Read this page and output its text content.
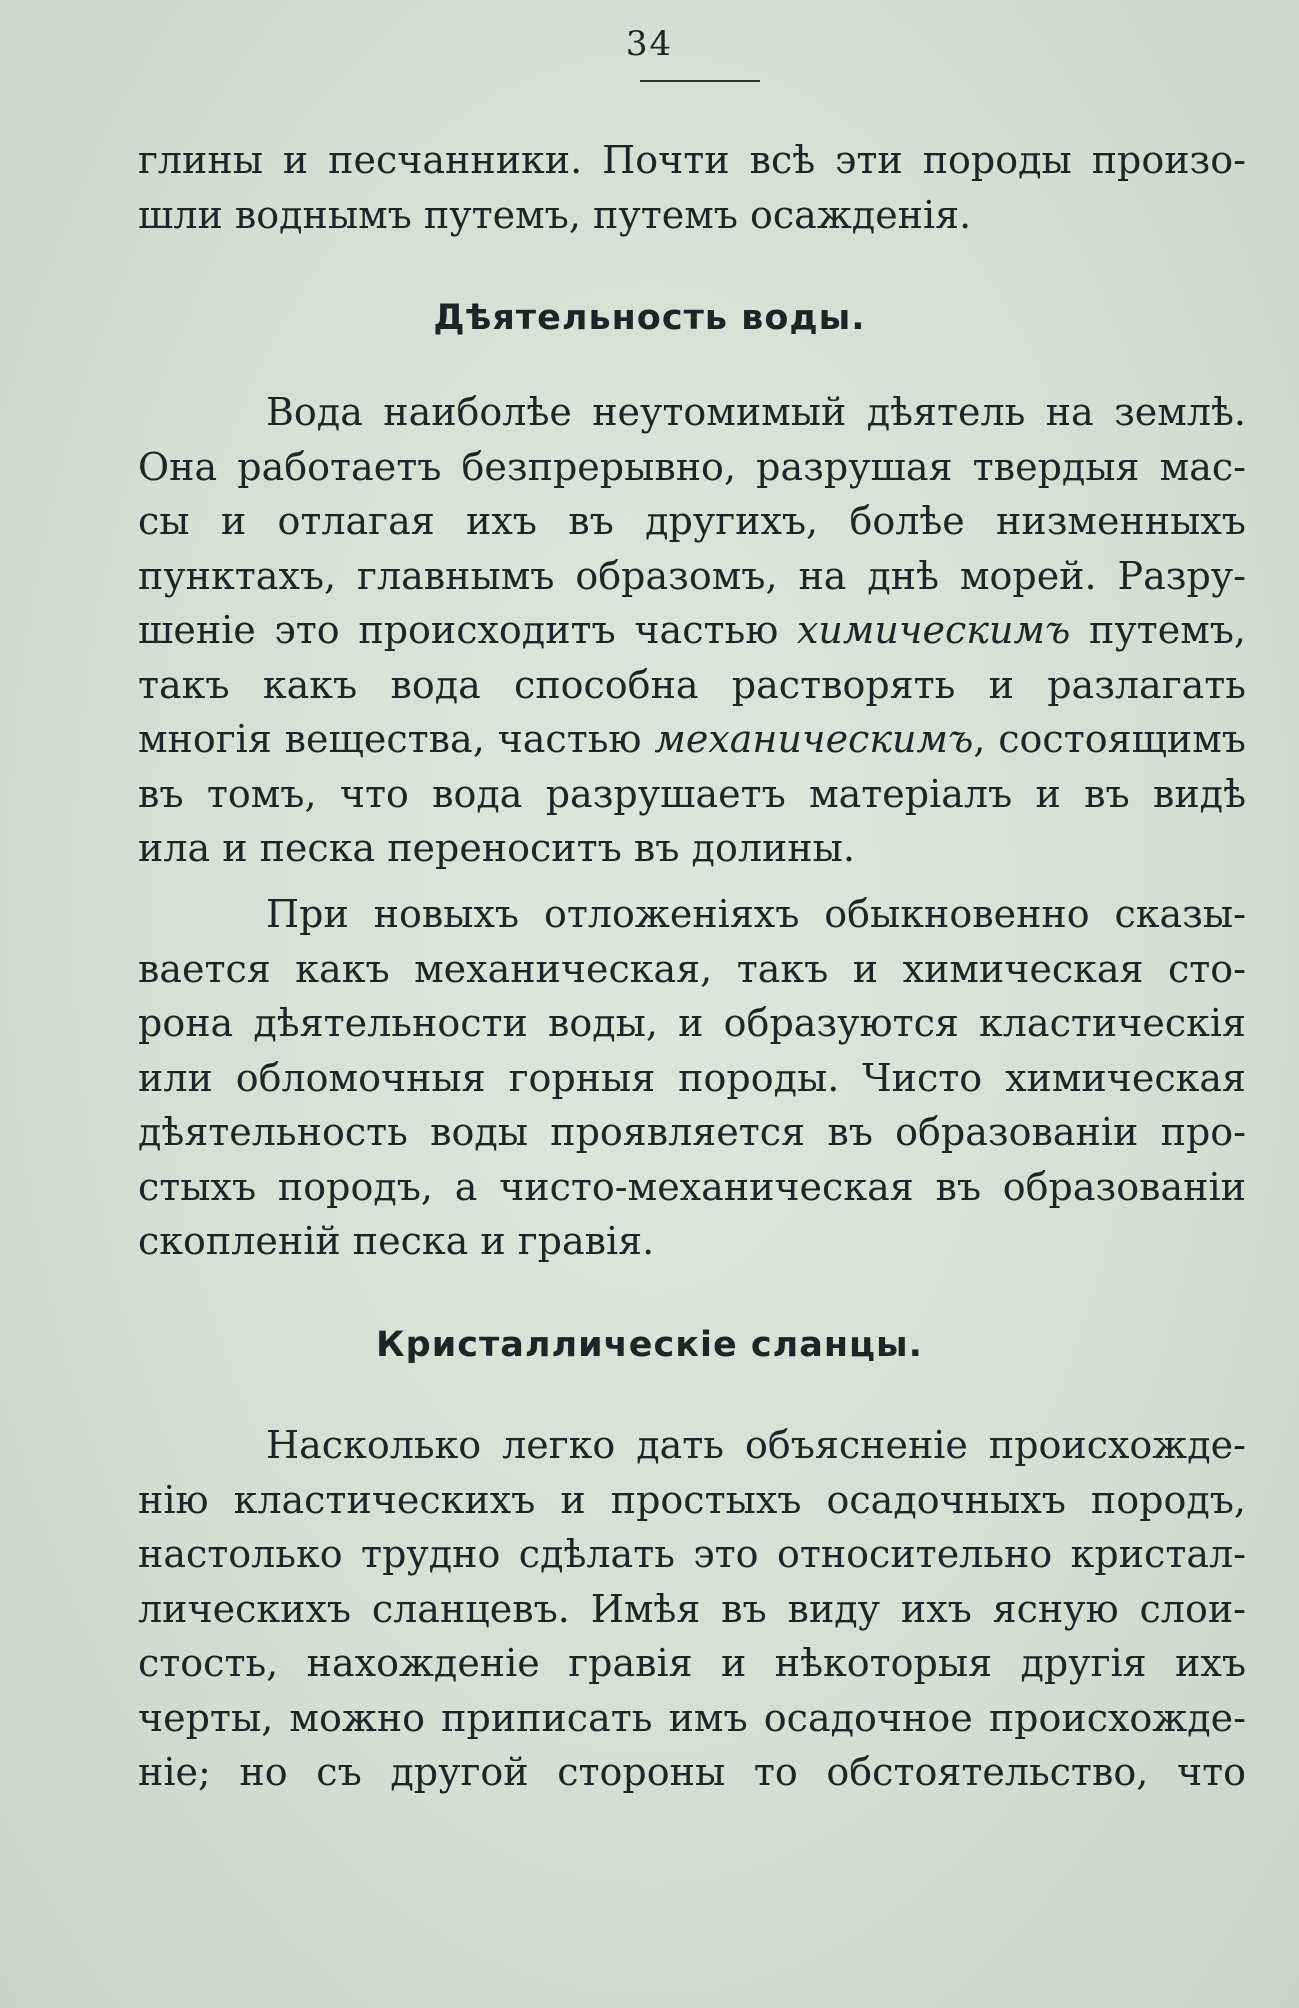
34
глины и песчанники. Почти всѣ эти породы произо-
шли воднымъ путемъ, путемъ осажденія.
Дѣятельность воды.
Вода наиболѣе неутомимый дѣятель на землѣ.
Она работаетъ безпрерывно, разрушая твердыя мас-
сы и отлагая ихъ въ другихъ, болѣе низменныхъ
пунктахъ, главнымъ образомъ, на днѣ морей. Разру-
шеніе это происходитъ частью химическимъ путемъ,
такъ какъ вода способна растворять и разлагать
многія вещества, частью механическимъ, состоящимъ
въ томъ, что вода разрушаетъ матеріалъ и въ видѣ
ила и песка переноситъ въ долины.
При новыхъ отложеніяхъ обыкновенно сказы-
вается какъ механическая, такъ и химическая сто-
рона дѣятельности воды, и образуются кластическія
или обломочныя горныя породы. Чисто химическая
дѣятельность воды проявляется въ образованіи про-
стыхъ породъ, а чисто-механическая въ образованіи
скопленій песка и гравія.
Кристаллическіе сланцы.
Насколько легко дать объясненіе происхожде-
нію кластическихъ и простыхъ осадочныхъ породъ,
настолько трудно сдѣлать это относительно кристал-
лическихъ сланцевъ. Имѣя въ виду ихъ ясную слои-
стость, нахожденіе гравія и нѣкоторыя другія ихъ
черты, можно приписать имъ осадочное происхожде-
ніе; но съ другой стороны то обстоятельство, что
